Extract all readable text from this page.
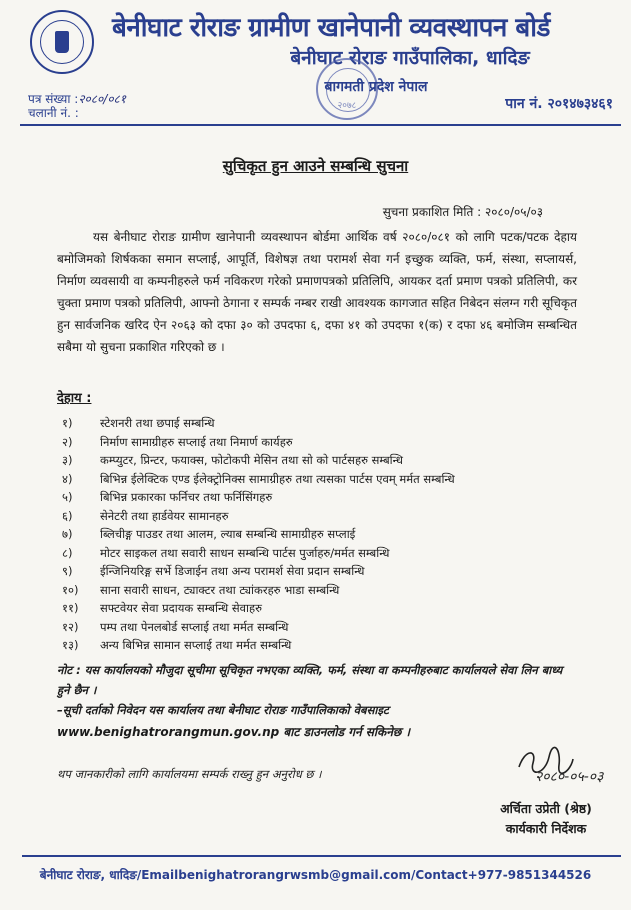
बेनीघाट रोराङ ग्रामीण खानेपानी व्यवस्थापन बोर्ड
बेनीघाट रोराङ गाउँपालिका, धादिङ
२०७८
बागमती प्रदेश नेपाल
पत्र संख्या :२०८०/०८१
चलानी नं. :
पान नं. २०१४७३४६१
सुचिकृत हुन आउने सम्बन्धि सुचना
सुचना प्रकाशित मिति : २०८०/०५/०३
यस बेनीघाट रोराङ ग्रामीण खानेपानी व्यवस्थापन बोर्डमा आर्थिक वर्ष २०८०/०८१ को लागि पटक/पटक देहाय बमोजिमको शिर्षकका समान सप्लाई, आपूर्ति, विशेषज्ञ तथा परामर्श सेवा गर्न इच्छुक व्यक्ति, फर्म, संस्था, सप्लायर्स, निर्माण व्यवसायी वा कम्पनीहरुले फर्म नविकरण गरेको प्रमाणपत्रको प्रतिलिपि, आयकर दर्ता प्रमाण पत्रको प्रतिलिपी, कर चुक्ता प्रमाण पत्रको प्रतिलिपी, आफ्नो ठेगाना र सम्पर्क नम्बर राखी आवश्यक कागजात सहित निबेदन संलग्न गरी सूचिकृत हुन सार्वजनिक खरिद ऐन २०६३ को दफा ३० को उपदफा ६, दफा ४१ को उपदफा १(क) र दफा ४६ बमोजिम सम्बन्धित सबैमा यो सुचना प्रकाशित गरिएको छ ।
देहाय :
१)	स्टेशनरी तथा छपाई सम्बन्धि
२)	निर्माण सामाग्रीहरु सप्लाई तथा निमार्ण कार्यहरु
३)	कम्प्युटर, प्रिन्टर, फयाक्स, फोटोकपी मेसिन तथा सो को पार्टसहरु सम्बन्धि
४)	बिभिन्न ईलेक्टिक एण्ड ईलेक्ट्रोनिक्स सामाग्रीहरु तथा त्यसका पार्टस एवम् मर्मत सम्बन्धि
५)	बिभिन्न प्रकारका फर्निचर तथा फर्निसिंगहरु
६)	सेनेटरी तथा हार्डवेयर सामानहरु
७)	ब्लिचीङ्ग पाउडर तथा आलम, ल्याब सम्बन्धि सामाग्रीहरु सप्लाई
८)	मोटर साइकल तथा सवारी साधन सम्बन्धि पार्टस पुर्जाहरु/मर्मत सम्बन्धि
९)	ईन्जिनियरिङ्ग सर्भे डिजाईन तथा अन्य परामर्श सेवा प्रदान सम्बन्धि
१०)	साना सवारी साधन, ट्याक्टर तथा ट्यांकरहरु भाडा सम्बन्धि
११)	सफ्टवेयर सेवा प्रदायक सम्बन्धि सेवाहरु
१२)	पम्प तथा पेनलबोर्ड सप्लाई तथा मर्मत सम्बन्धि
१३)	अन्य बिभिन्न सामान सप्लाई तथा मर्मत सम्बन्धि
नोट : यस कार्यालयको मौजुदा सूचीमा सूचिकृत नभएका व्यक्ति, फर्म, संस्था वा कम्पनीहरुबाट कार्यालयले सेवा लिन बाध्य हुने छैन ।
–सूची दर्ताको निवेदन यस कार्यालय तथा बेनीघाट रोराङ गाउँपालिकाको वेबसाइट
www.benighatrorangmun.gov.np बाट डाउनलोड गर्न सकिनेछ ।
थप जानकारीको लागि कार्यालयमा सम्पर्क राख्नु हुन अनुरोध छ ।	२०८०-०५-०३
अर्चिता उप्रेती (श्रेष्ठ)
कार्यकारी निर्देशक
बेनीघाट रोराङ, धादिङ/Emailbenighatrorangrwsmb@gmail.com/Contact+977-9851344526
